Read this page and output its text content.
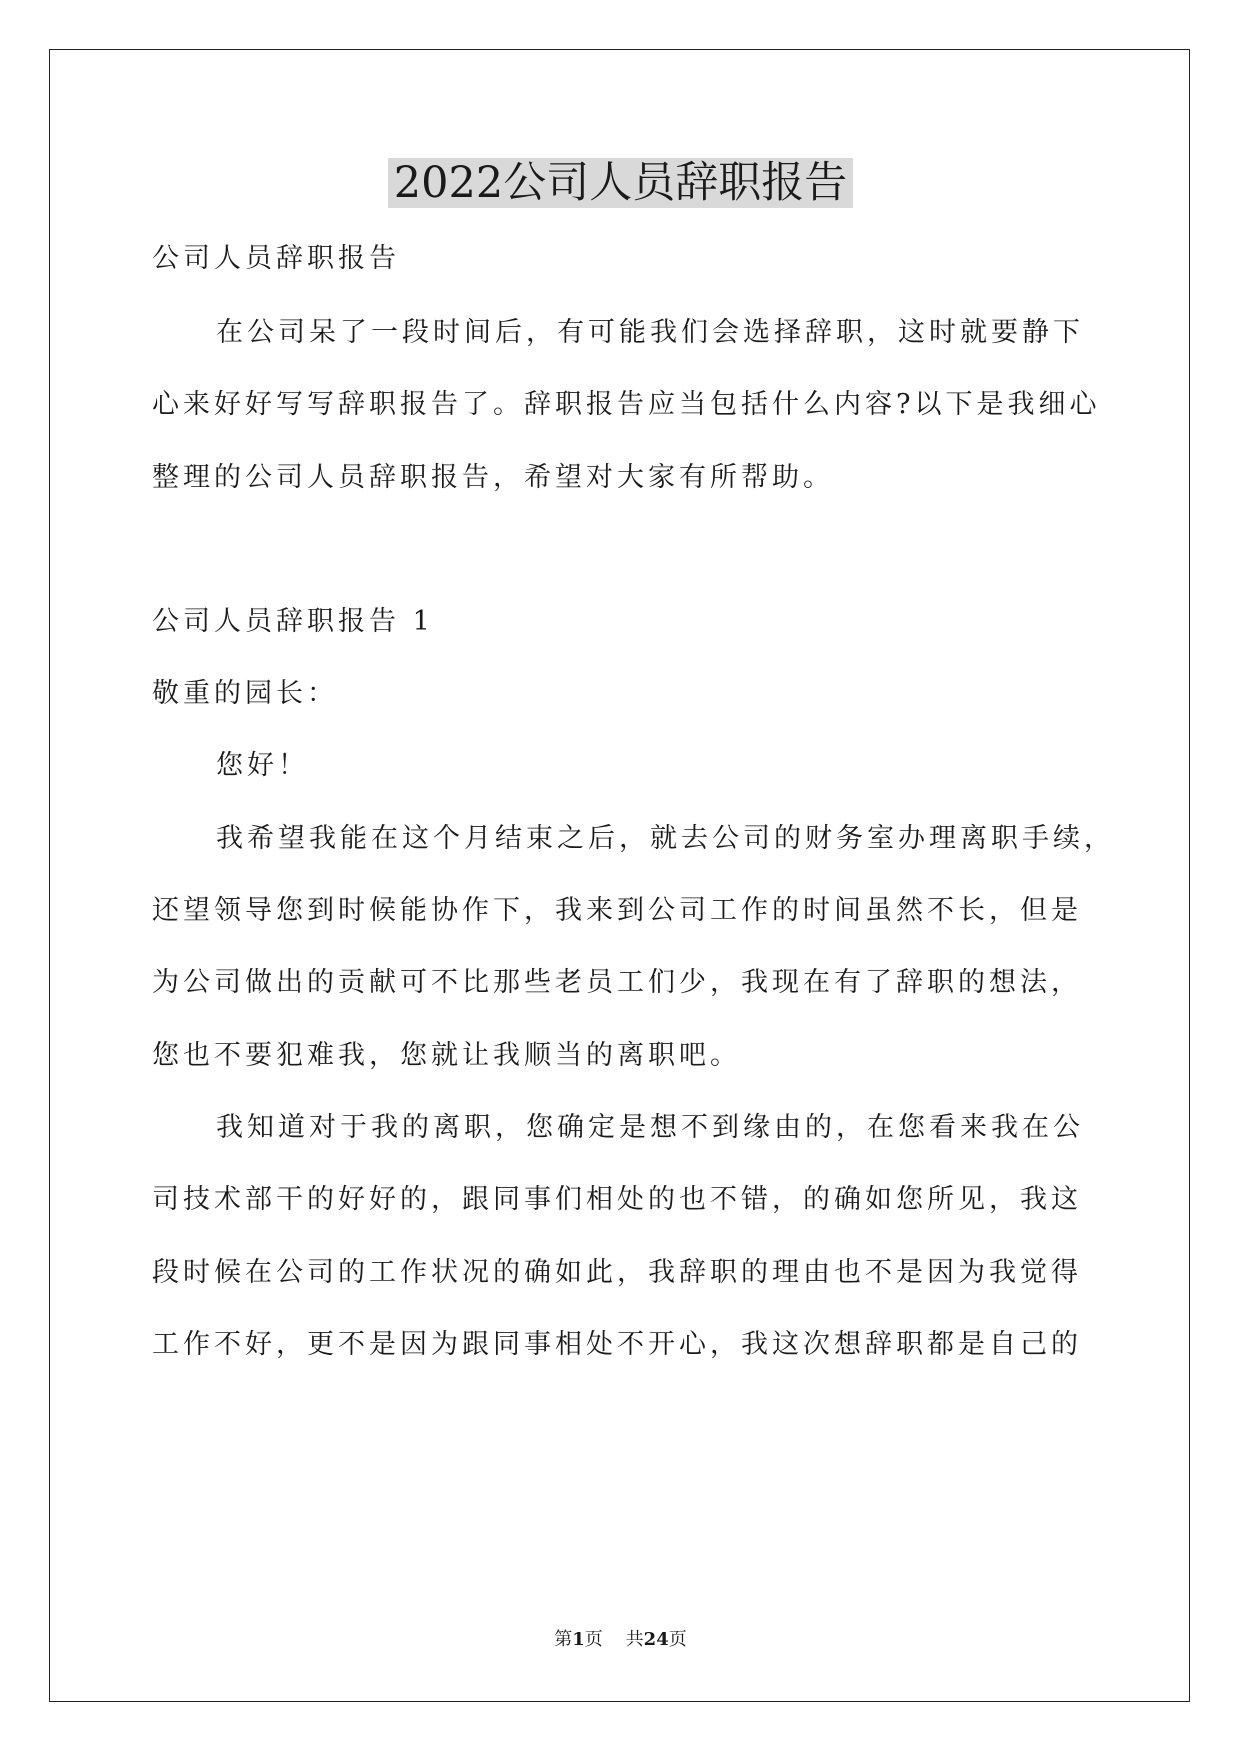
2022公司人员辞职报告
公司人员辞职报告
在公司呆了一段时间后，有可能我们会选择辞职，这时就要静下
心来好好写写辞职报告了。辞职报告应当包括什么内容?以下是我细心
整理的公司人员辞职报告，希望对大家有所帮助。
公司人员辞职报告 1
敬重的园长：
您好！
我希望我能在这个月结束之后，就去公司的财务室办理离职手续，
还望领导您到时候能协作下，我来到公司工作的时间虽然不长，但是
为公司做出的贡献可不比那些老员工们少，我现在有了辞职的想法，
您也不要犯难我，您就让我顺当的离职吧。
我知道对于我的离职，您确定是想不到缘由的，在您看来我在公
司技术部干的好好的，跟同事们相处的也不错，的确如您所见，我这
段时候在公司的工作状况的确如此，我辞职的理由也不是因为我觉得
工作不好，更不是因为跟同事相处不开心，我这次想辞职都是自己的
第1页 共24页
